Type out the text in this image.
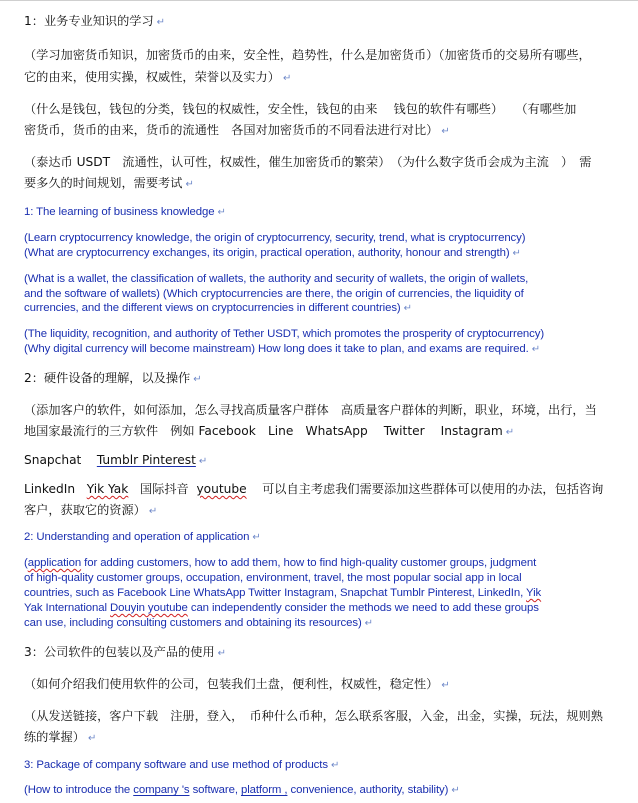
1：业务专业知识的学习 ↵
（学习加密货币知识，加密货币的由来，安全性，趋势性，什么是加密货币）（加密货币的交易所有哪些，
它的由来，使用实操，权威性，荣誉以及实力） ↵
（什么是钱包，钱包的分类，钱包的权威性，安全性，钱包的由来　 钱包的软件有哪些）　　（有哪些加
密货币，货币的由来，货币的流通性　各国对加密货币的不同看法进行对比） ↵
（泰达币 USDT　流通性，认可性，权威性，催生加密货币的繁荣）　（为什么数字货币会成为主流　）　需
要多久的时间规划，需要考试 ↵
1: The learning of business knowledge ↵
(Learn cryptocurrency knowledge, the origin of cryptocurrency, security, trend, what is cryptocurrency)
(What are cryptocurrency exchanges, its origin, practical operation, authority, honour and strength) ↵
(What is a wallet, the classification of wallets, the authority and security of wallets, the origin of wallets,
and the software of wallets) (Which cryptocurrencies are there, the origin of currencies, the liquidity of
currencies, and the different views on cryptocurrencies in different countries) ↵
(The liquidity, recognition, and authority of Tether USDT, which promotes the prosperity of cryptocurrency)
(Why digital currency will become mainstream) How long does it take to plan, and exams are required. ↵
2：硬件设备的理解，以及操作 ↵
（添加客户的软件，如何添加，怎么寻找高质量客户群体　高质量客户群体的判断，职业，环境，出行，当
地国家最流行的三方软件　例如 Facebook　Line　WhatsApp　 Twitter　 Instagram ↵
Snapchat Tumblr Pinterest ↵
LinkedIn Yik Yak 国际抖音 youtube 可以自主考虑我们需要添加这些群体可以使用的办法，包括咨询
客户，获取它的资源） ↵
2: Understanding and operation of application ↵
(application for adding customers, how to add them, how to find high-quality customer groups, judgment
of high-quality customer groups, occupation, environment, travel, the most popular social app in local
countries, such as Facebook Line WhatsApp Twitter Instagram, Snapchat Tumblr Pinterest, LinkedIn, Yik
Yak International Douyin youtube can independently consider the methods we need to add these groups
can use, including consulting customers and obtaining its resources) ↵
3：公司软件的包装以及产品的使用 ↵
（如何介绍我们使用软件的公司，包装我们土盘，便利性，权威性，稳定性） ↵
（从发送链接，客户下载　注册，登入，　币种什么币种，怎么联系客服，入金，出金，实操，玩法，规则熟
练的掌握） ↵
3: Package of company software and use method of products ↵
(How to introduce the company 's software, platform , convenience, authority, stability) ↵
